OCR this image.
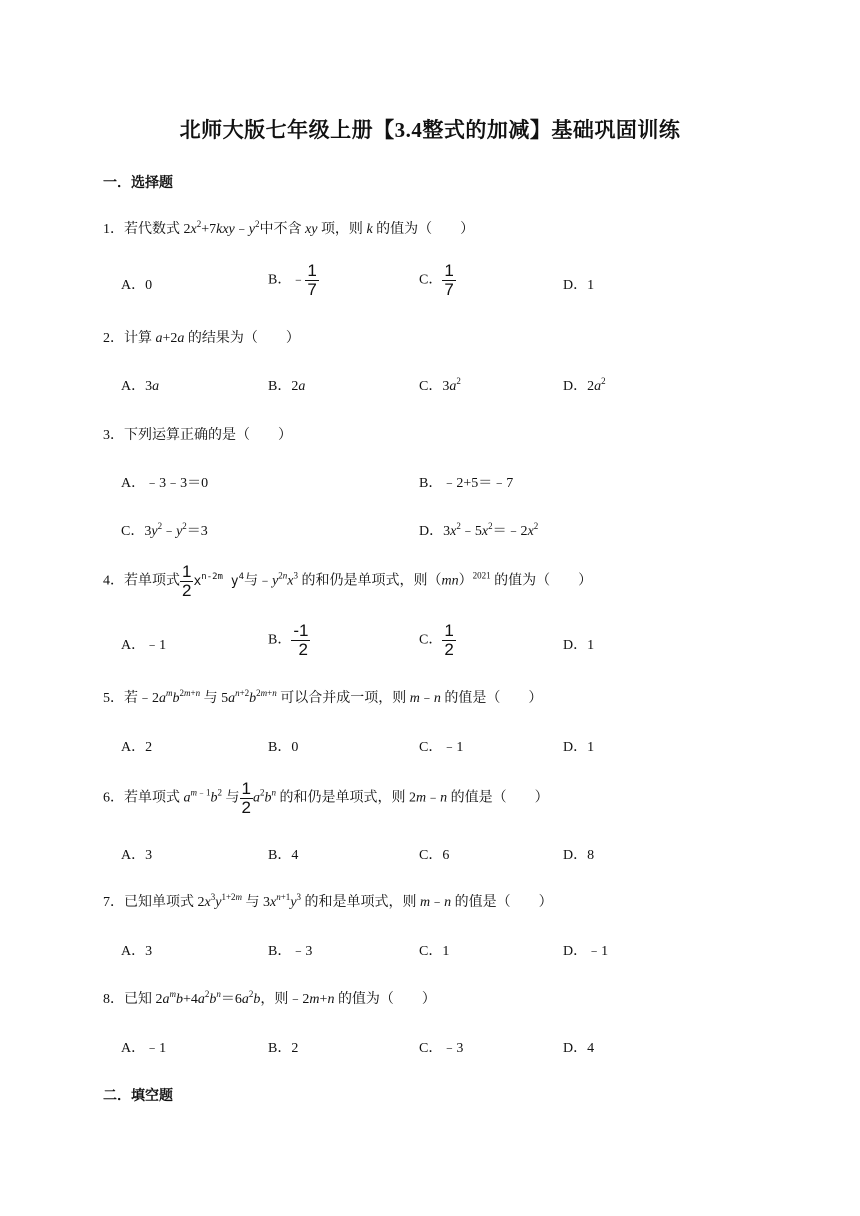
北师大版七年级上册【3.4整式的加减】基础巩固训练
一．选择题
1．若代数式 $2x^2+7kxy﹣y^2$中不含 xy 项，则 k 的值为（　　）
A．0	B．﹣ $\frac{1}{7}$	C． $\frac{1}{7}$	D．1
2．计算 a+2a 的结果为（　　）
A．3a	B．2a	C．$3a^2$	D．$2a^2$
3．下列运算正确的是（　　）
A．﹣3﹣3＝0	B．﹣2+5＝﹣7
C．$3y^2﹣y^2=3$	D．$3x^2﹣5x^2=﹣2x^2$
4．若单项式 $\frac{1}{2} x^{n-2m}$ $y^4$与$﹣y^{2n}x^3$ 的和仍是单项式，则（mn）$^{2021}$ 的值为（　　）
A．﹣1	B． $\frac{-1}{2}$	C． $\frac{1}{2}$	D．1
5．若$﹣2a^mb^{2m+n}$ 与 $5a^{n+2}b^{2m+n}$ 可以合并成一项，则 m﹣n 的值是（　　）
A．2	B．0	C．﹣1	D．1
6．若单项式 $a^{m﹣1}b^2$ 与 $\frac{1}{2} a^2b^n$ 的和仍是单项式，则 2m﹣n 的值是（　　）
A．3	B．4	C．6	D．8
7．已知单项式 $2x^3y^{1+2m}$ 与 $3x^{n+1}y^3$ 的和是单项式，则 m﹣n 的值是（　　）
A．3	B．﹣3	C．1	D．﹣1
8．已知 $2a^mb+4a^2b^n=6a^2b$，则﹣2m+n 的值为（　　）
A．﹣1	B．2	C．﹣3	D．4
二．填空题
